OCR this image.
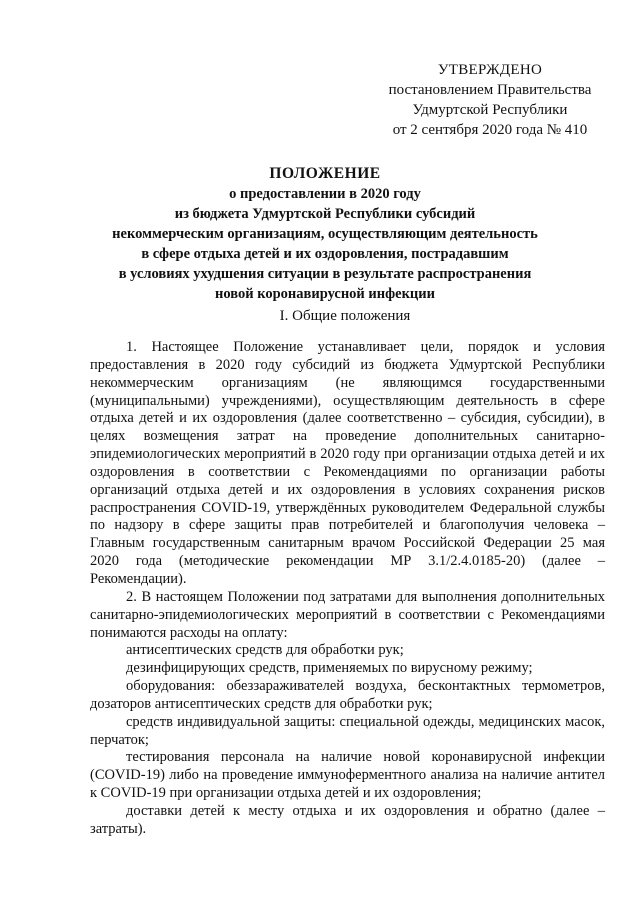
УТВЕРЖДЕНО
постановлением Правительства
Удмуртской Республики
от 2 сентября 2020 года № 410
ПОЛОЖЕНИЕ
о предоставлении в 2020 году
из бюджета Удмуртской Республики субсидий
некоммерческим организациям, осуществляющим деятельность
в сфере отдыха детей и их оздоровления, пострадавшим
в условиях ухудшения ситуации в результате распространения
новой коронавирусной инфекции
I. Общие положения

1. Настоящее Положение устанавливает цели, порядок и условия предоставления в 2020 году субсидий из бюджета Удмуртской Республики некоммерческим организациям (не являющимся государственными (муниципальными) учреждениями), осуществляющим деятельность в сфере отдыха детей и их оздоровления (далее соответственно – субсидия, субсидии), в целях возмещения затрат на проведение дополнительных санитарно-эпидемиологических мероприятий в 2020 году при организации отдыха детей и их оздоровления в соответствии с Рекомендациями по организации работы организаций отдыха детей и их оздоровления в условиях сохранения рисков распространения COVID-19, утверждённых руководителем Федеральной службы по надзору в сфере защиты прав потребителей и благополучия человека – Главным государственным санитарным врачом Российской Федерации 25 мая 2020 года (методические рекомендации МР 3.1/2.4.0185-20) (далее – Рекомендации).

2. В настоящем Положении под затратами для выполнения дополнительных санитарно-эпидемиологических мероприятий в соответствии с Рекомендациями понимаются расходы на оплату:

антисептических средств для обработки рук;

дезинфицирующих средств, применяемых по вирусному режиму;

оборудования: обеззараживателей воздуха, бесконтактных термометров, дозаторов антисептических средств для обработки рук;

средств индивидуальной защиты: специальной одежды, медицинских масок, перчаток;

тестирования персонала на наличие новой коронавирусной инфекции (COVID-19) либо на проведение иммуноферментного анализа на наличие антител к COVID-19 при организации отдыха детей и их оздоровления;

доставки детей к месту отдыха и их оздоровления и обратно (далее – затраты).
